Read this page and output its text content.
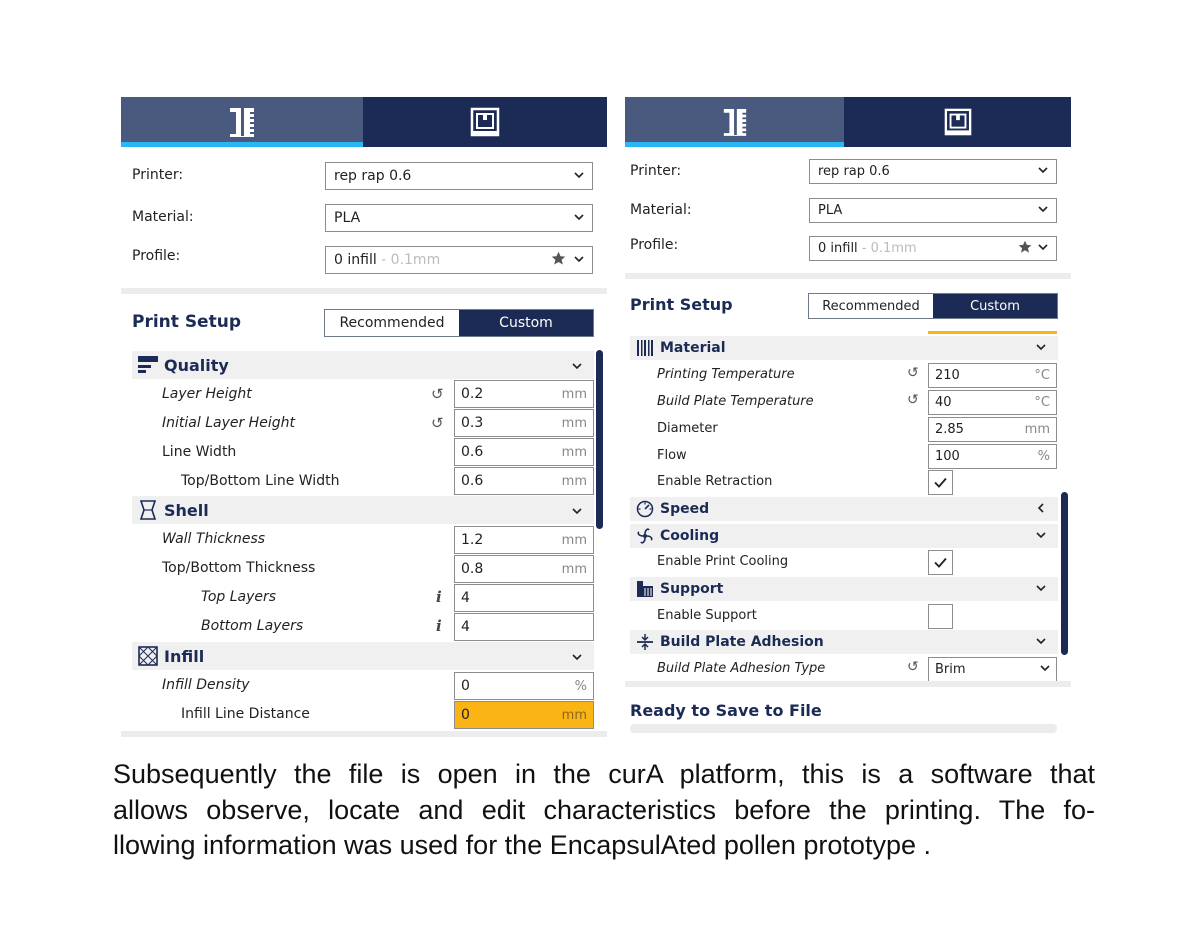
Printer:	rep rap 0.6
Material:	PLA
Profile:	0 infill - 0.1mm
Print Setup	Recommended	Custom
Quality
Layer Height	↺ 0.2	mm
Initial Layer Height	↺ 0.3	mm
Line Width	0.6	mm
Top/Bottom Line Width	0.6	mm
Shell
Wall Thickness	1.2	mm
Top/Bottom Thickness	0.8	mm
Top Layers	i 4
Bottom Layers	i 4
Infill
Infill Density	0	%
Infill Line Distance	0	mm
Printer:	rep rap 0.6
Material:	PLA
Profile:	0 infill - 0.1mm
Print Setup	Recommended	Custom
Material
Printing Temperature	↺ 210	°C
Build Plate Temperature	↺ 40	°C
Diameter	2.85	mm
Flow	100	%
Enable Retraction
Speed
Cooling
Enable Print Cooling
Support
Enable Support
Build Plate Adhesion
Build Plate Adhesion Type	↺ Brim
Ready to Save to File
Subsequently the file is open in the curA platform, this is a software that
allows observe, locate and edit characteristics before the printing. The fo-
llowing information was used for the EncapsulAted pollen prototype .
